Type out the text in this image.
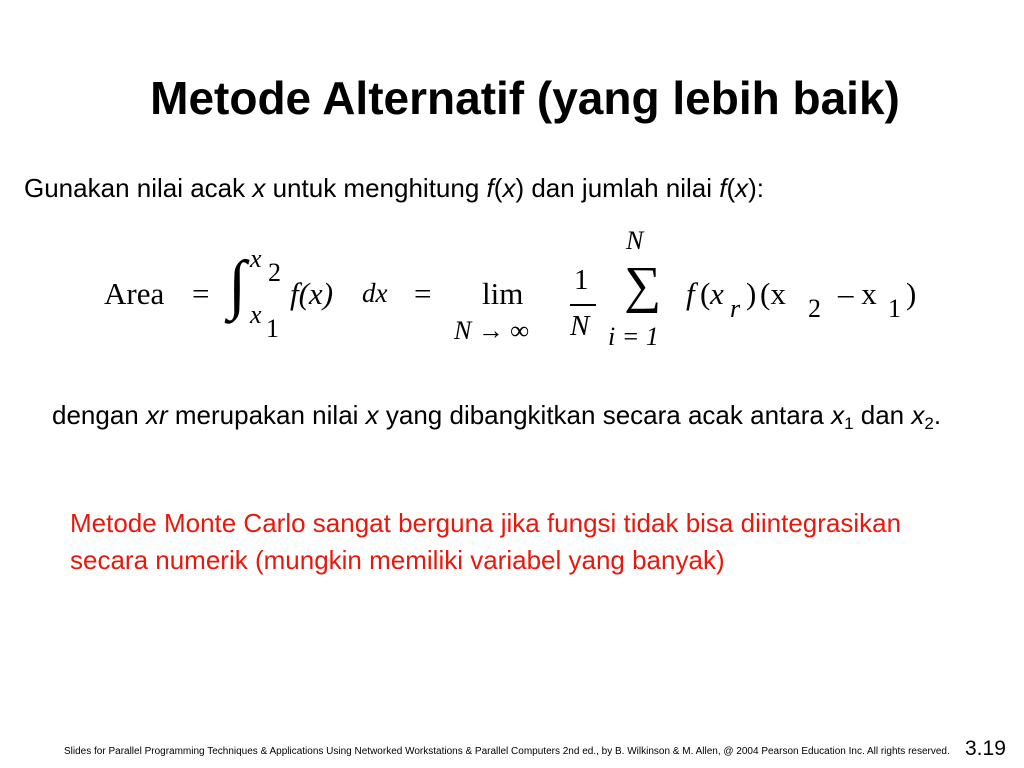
Metode Alternatif (yang lebih baik)
Gunakan nilai acak x untuk menghitung f(x) dan jumlah nilai f(x):
Area = ∫ x 2
x 1
f(x) dx = lim
N → ∞
1
N
N
∑
i = 1
f ( x r ) (x 2 – x 1 )
dengan xr merupakan nilai x yang dibangkitkan secara acak antara $x_1$ dan $x_2$.
Metode Monte Carlo sangat berguna jika fungsi tidak bisa diintegrasikan secara numerik (mungkin memiliki variabel yang banyak)
Slides for Parallel Programming Techniques & Applications Using Networked Workstations & Parallel Computers 2nd ed., by B. Wilkinson & M. Allen, @ 2004 Pearson Education Inc. All rights reserved. 3.19
